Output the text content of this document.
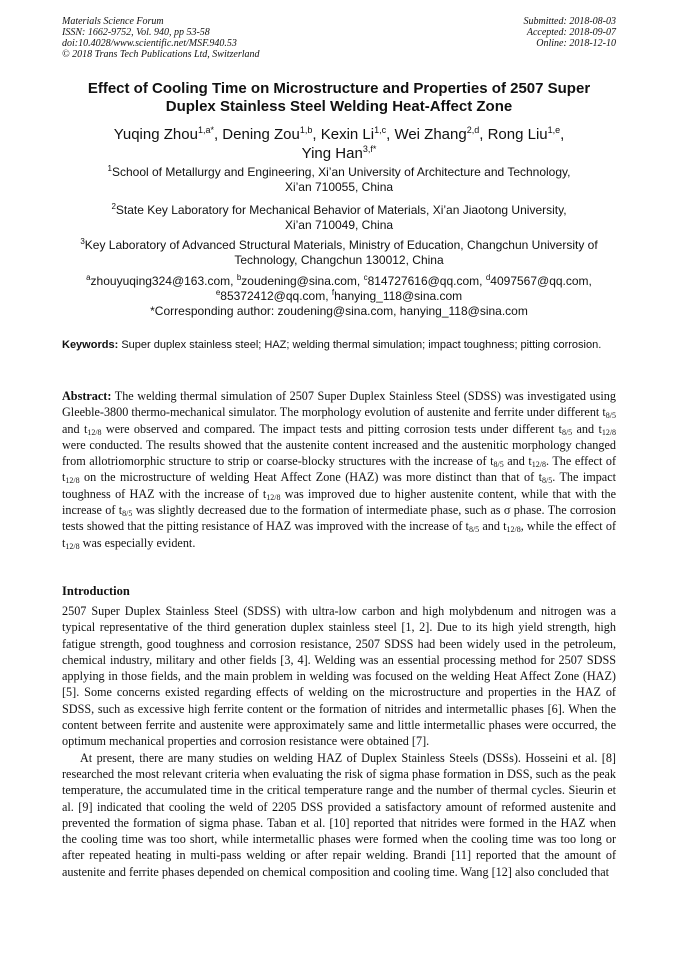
Materials Science Forum
ISSN: 1662-9752, Vol. 940, pp 53-58
doi:10.4028/www.scientific.net/MSF.940.53
© 2018 Trans Tech Publications Ltd, Switzerland
Submitted: 2018-08-03
Accepted: 2018-09-07
Online: 2018-12-10
Effect of Cooling Time on Microstructure and Properties of 2507 Super Duplex Stainless Steel Welding Heat-Affect Zone
Yuqing Zhou$^{1,a*}$, Dening Zou$^{1,b}$, Kexin Li$^{1,c}$, Wei Zhang$^{2,d}$, Rong Liu$^{1,e}$,
Ying Han$^{3,f*}$
$^1$School of Metallurgy and Engineering, Xi’an University of Architecture and Technology,
Xi’an 710055, China
$^2$State Key Laboratory for Mechanical Behavior of Materials, Xi’an Jiaotong University,
Xi’an 710049, China
$^3$Key Laboratory of Advanced Structural Materials, Ministry of Education, Changchun University of
Technology, Changchun 130012, China
$^a$zhouyuqing324@163.com, $^b$zoudening@sina.com, $^c$814727616@qq.com, $^d$4097567@qq.com,
$^e$85372412@qq.com, $^f$hanying_118@sina.com
*Corresponding author: zoudening@sina.com, hanying_118@sina.com
Keywords: Super duplex stainless steel; HAZ; welding thermal simulation; impact toughness; pitting corrosion.
Abstract: The welding thermal simulation of 2507 Super Duplex Stainless Steel (SDSS) was investigated using Gleeble-3800 thermo-mechanical simulator. The morphology evolution of austenite and ferrite under different $t_{8/5}$ and $t_{12/8}$ were observed and compared. The impact tests and pitting corrosion tests under different $t_{8/5}$ and $t_{12/8}$ were conducted. The results showed that the austenite content increased and the austenitic morphology changed from allotriomorphic structure to strip or coarse-blocky structures with the increase of $t_{8/5}$ and $t_{12/8}$. The effect of $t_{12/8}$ on the microstructure of welding Heat Affect Zone (HAZ) was more distinct than that of $t_{8/5}$. The impact toughness of HAZ with the increase of $t_{12/8}$ was improved due to higher austenite content, while that with the increase of $t_{8/5}$ was slightly decreased due to the formation of intermediate phase, such as σ phase. The corrosion tests showed that the pitting resistance of HAZ was improved with the increase of $t_{8/5}$ and $t_{12/8}$, while the effect of $t_{12/8}$ was especially evident.
Introduction

2507 Super Duplex Stainless Steel (SDSS) with ultra-low carbon and high molybdenum and nitrogen was a typical representative of the third generation duplex stainless steel [1, 2]. Due to its high yield strength, high fatigue strength, good toughness and corrosion resistance, 2507 SDSS had been widely used in the petroleum, chemical industry, military and other fields [3, 4]. Welding was an essential processing method for 2507 SDSS applying in those fields, and the main problem in welding was focused on the welding Heat Affect Zone (HAZ) [5]. Some concerns existed regarding effects of welding on the microstructure and properties in the HAZ of SDSS, such as excessive high ferrite content or the formation of nitrides and intermetallic phases [6]. When the content between ferrite and austenite were approximately same and little intermetallic phases were occurred, the optimum mechanical properties and corrosion resistance were obtained [7].

At present, there are many studies on welding HAZ of Duplex Stainless Steels (DSSs). Hosseini et al. [8] researched the most relevant criteria when evaluating the risk of sigma phase formation in DSS, such as the peak temperature, the accumulated time in the critical temperature range and the number of thermal cycles. Sieurin et al. [9] indicated that cooling the weld of 2205 DSS provided a satisfactory amount of reformed austenite and prevented the formation of sigma phase. Taban et al. [10] reported that nitrides were formed in the HAZ when the cooling time was too short, while intermetallic phases were formed when the cooling time was too long or after repeated heating in multi-pass welding or after repair welding. Brandi [11] reported that the amount of austenite and ferrite phases depended on chemical composition and cooling time. Wang [12] also concluded that
